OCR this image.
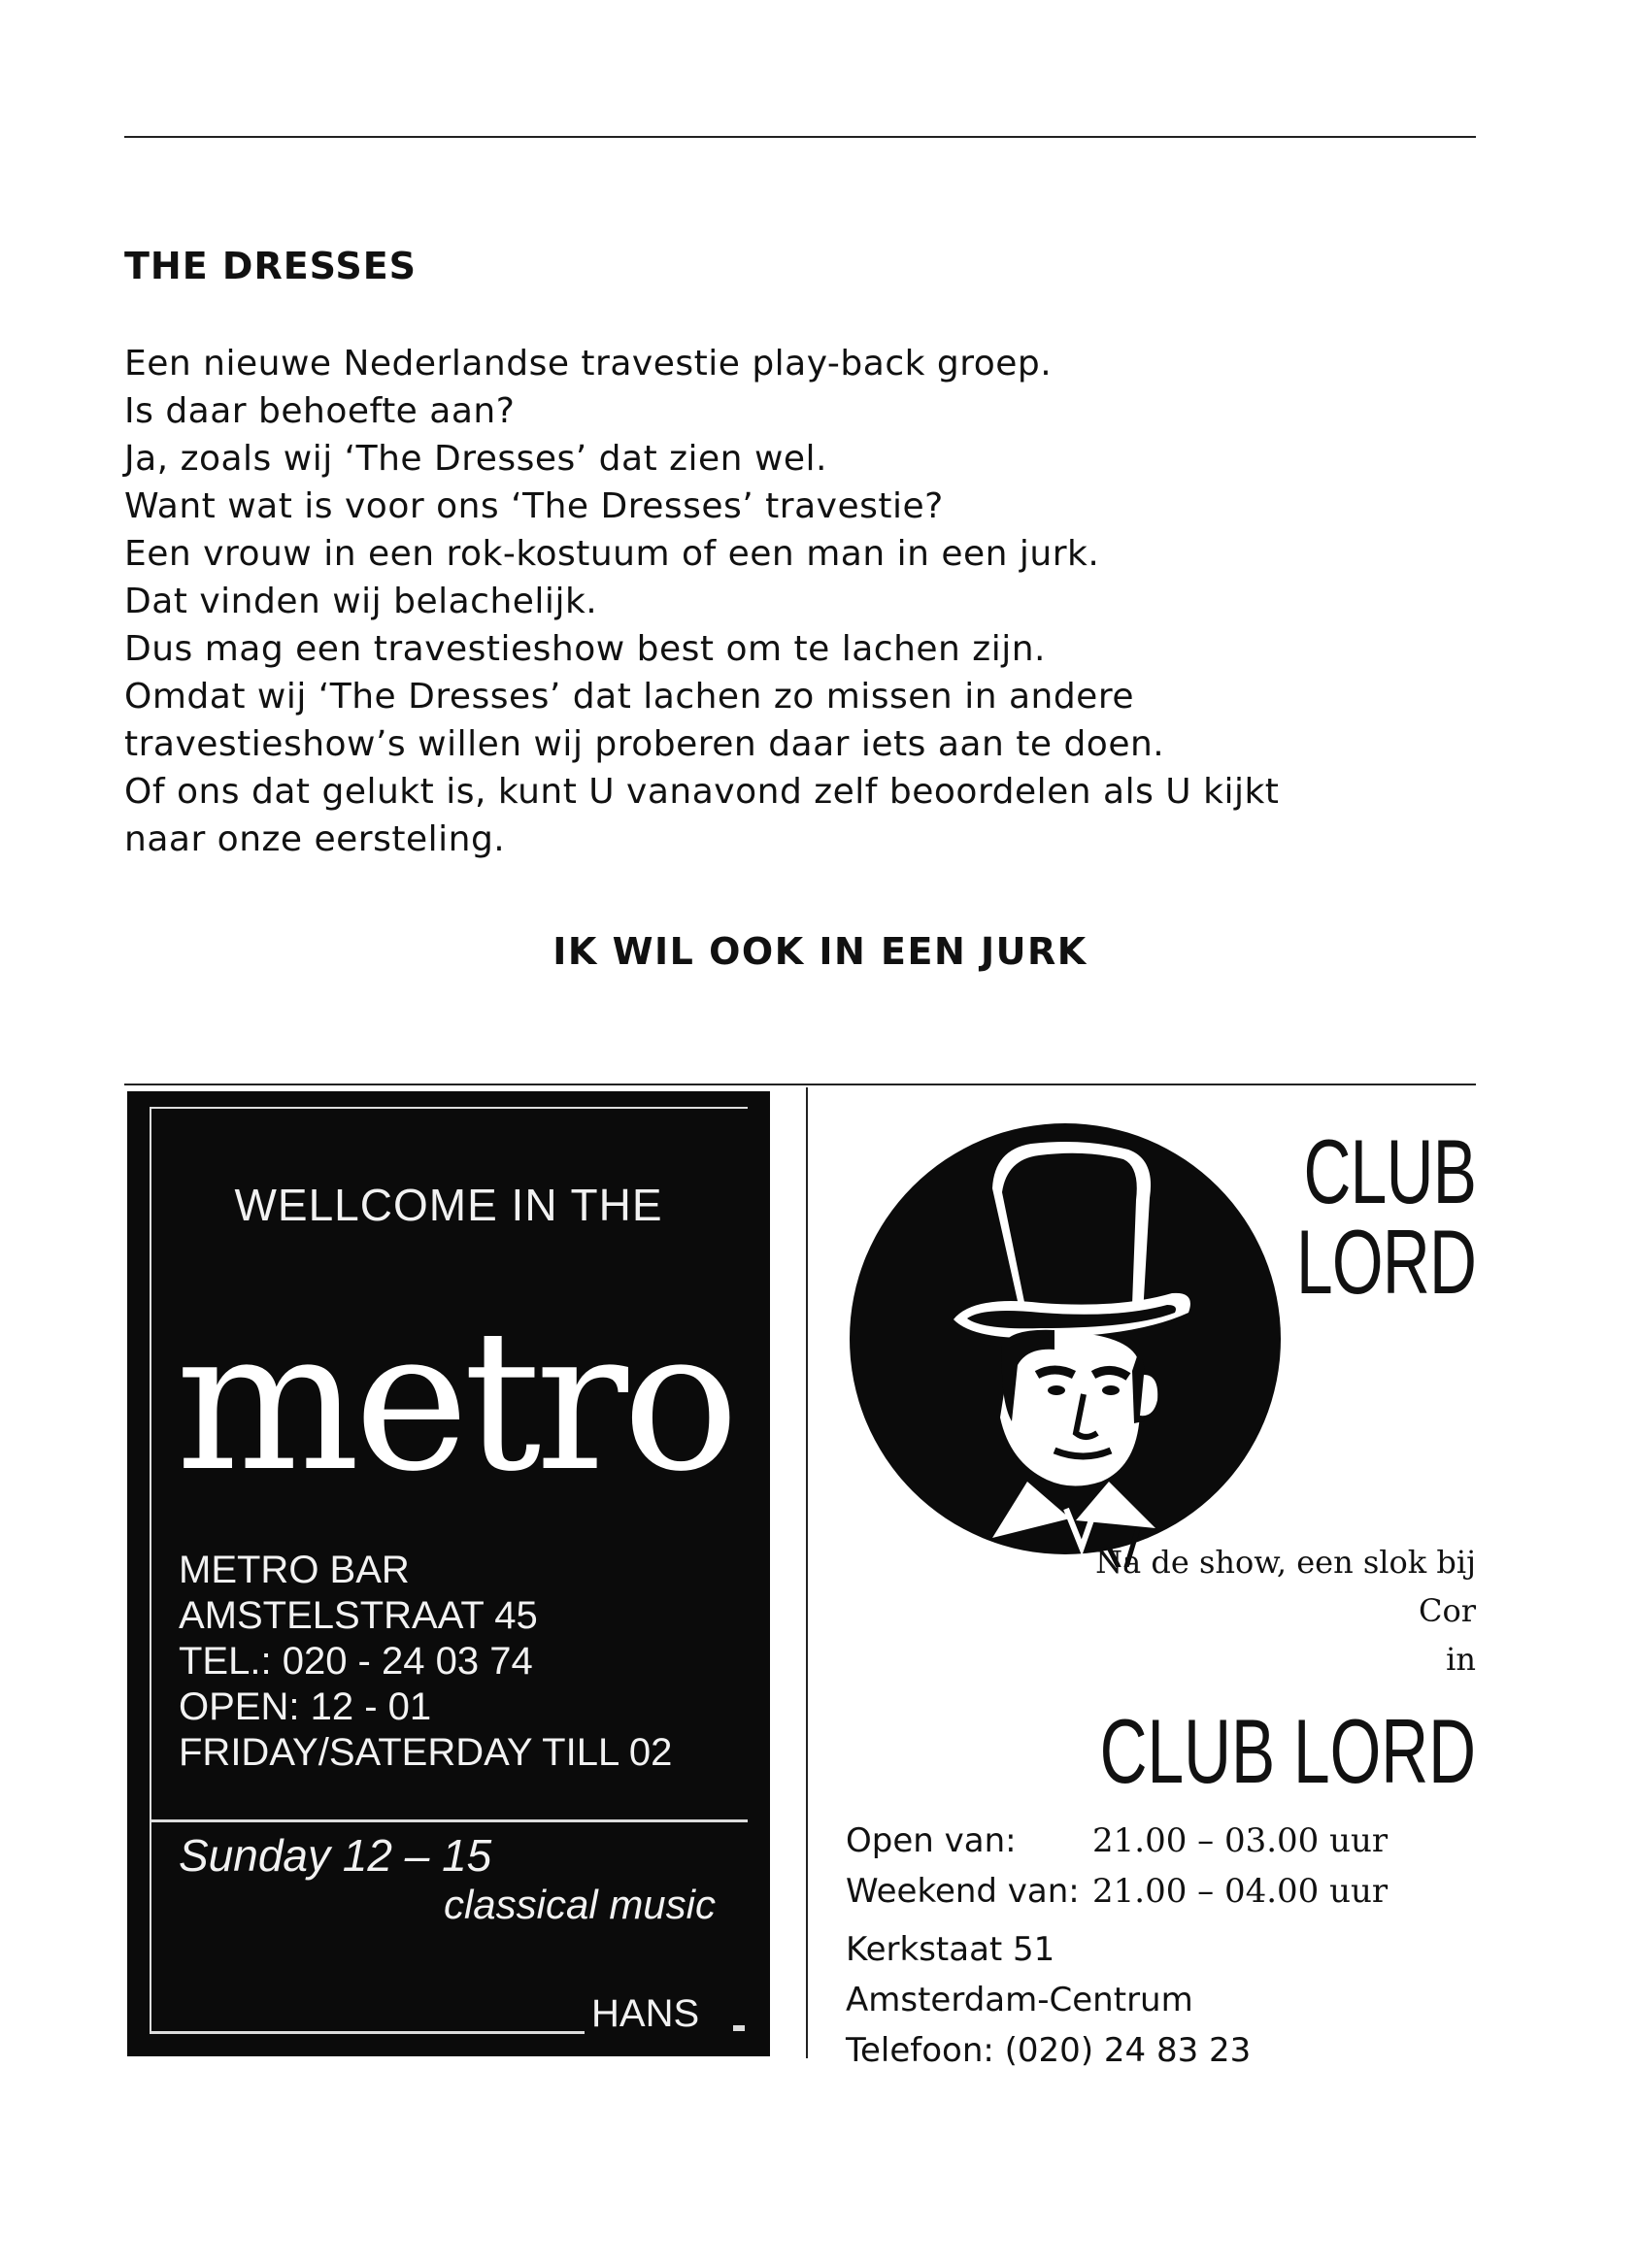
THE DRESSES
Een nieuwe Nederlandse travestie play-back groep.
Is daar behoefte aan?
Ja, zoals wij ‘The Dresses’ dat zien wel.
Want wat is voor ons ‘The Dresses’ travestie?
Een vrouw in een rok-kostuum of een man in een jurk.
Dat vinden wij belachelijk.
Dus mag een travestieshow best om te lachen zijn.
Omdat wij ‘The Dresses’ dat lachen zo missen in andere
travestieshow’s willen wij proberen daar iets aan te doen.
Of ons dat gelukt is, kunt U vanavond zelf beoordelen als U kijkt
naar onze eersteling.
IK WIL OOK IN EEN JURK
WELLCOME IN THE
metro
METRO BAR
AMSTELSTRAAT 45
TEL.: 020 - 24 03 74
OPEN: 12 - 01
FRIDAY/SATERDAY TILL 02
Sunday 12 – 15
classical music
HANS
CLUB
LORD
Na de show, een slok bij
Cor
in
CLUB LORD
Open van: 21.00 – 03.00 uur
Weekend van: 21.00 – 04.00 uur
Kerkstaat 51
Amsterdam-Centrum
Telefoon: (020) 24 83 23
